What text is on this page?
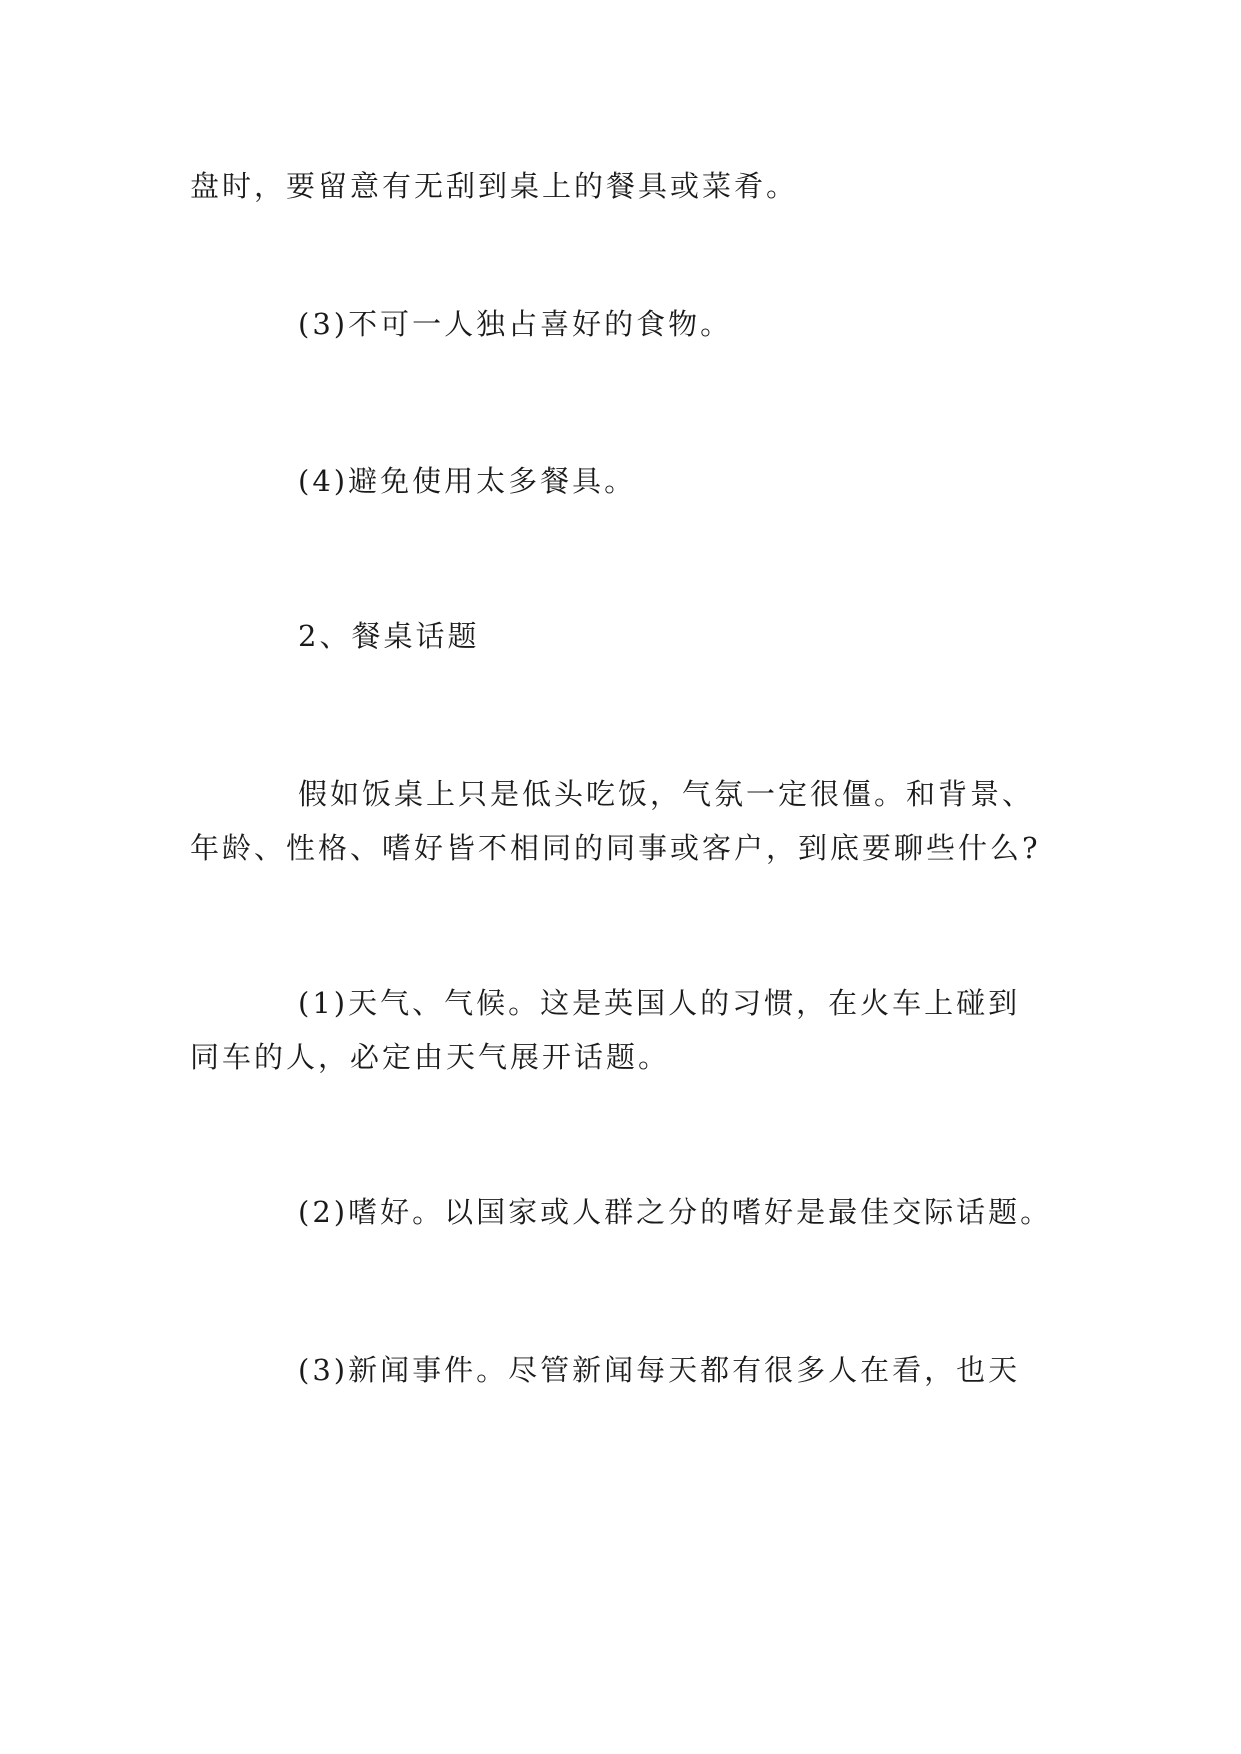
盘时，要留意有无刮到桌上的餐具或菜肴。
(3)不可一人独占喜好的食物。
(4)避免使用太多餐具。
2、餐桌话题
假如饭桌上只是低头吃饭，气氛一定很僵。和背景、
年龄、性格、嗜好皆不相同的同事或客户，到底要聊些什么?
(1)天气、气候。这是英国人的习惯，在火车上碰到
同车的人，必定由天气展开话题。
(2)嗜好。以国家或人群之分的嗜好是最佳交际话题。
(3)新闻事件。尽管新闻每天都有很多人在看，也天
